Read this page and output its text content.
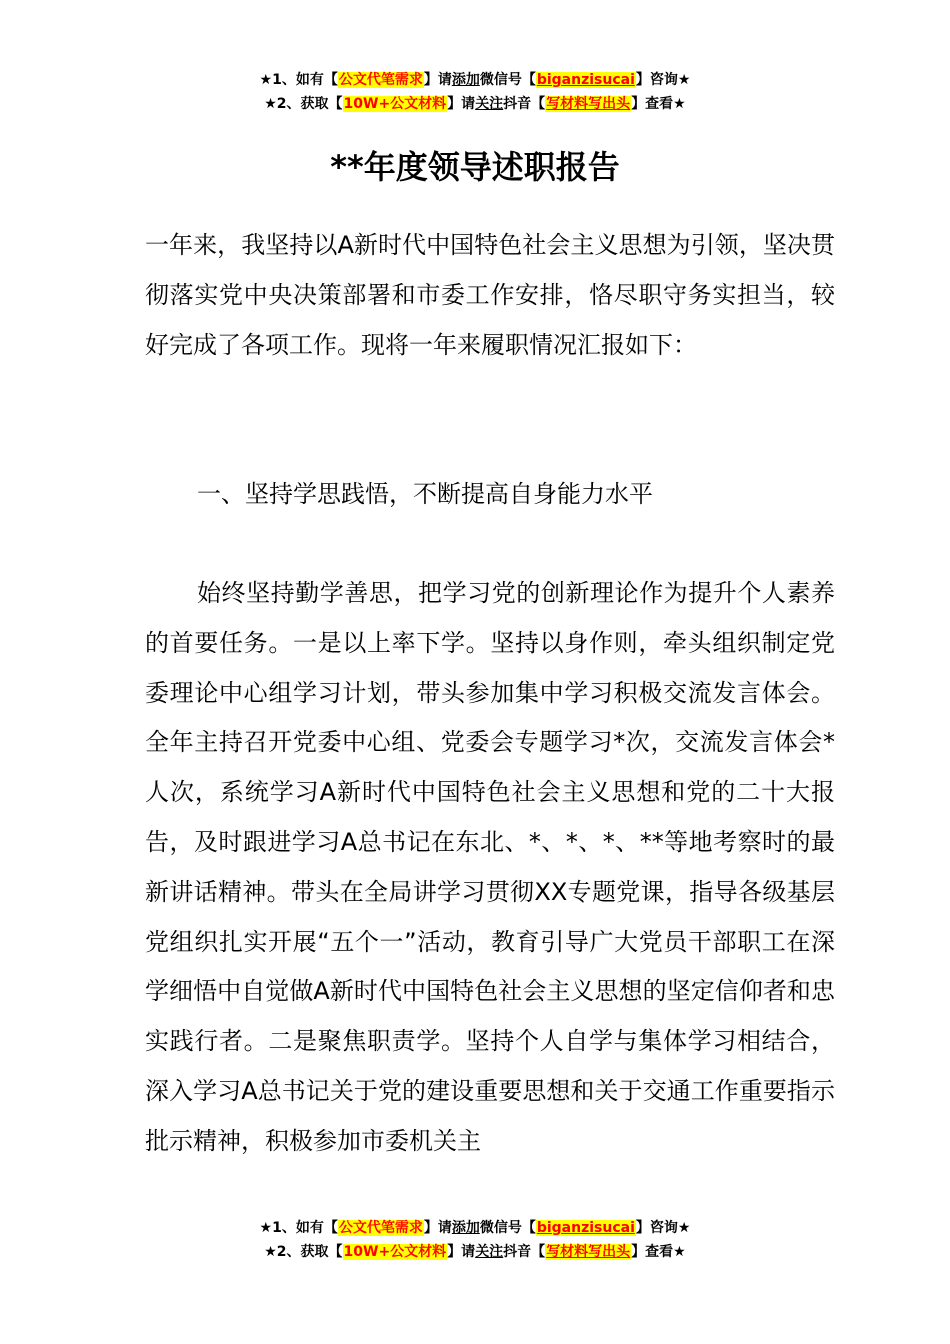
★1、如有【公文代笔需求】请添加微信号【biganzisucai】咨询★
★2、获取【10W+公文材料】请关注抖音【写材料写出头】查看★
**年度领导述职报告

一年来，我坚持以A新时代中国特色社会主义思想为引领，坚决贯彻落实党中央决策部署和市委工作安排，恪尽职守务实担当，较好完成了各项工作。现将一年来履职情况汇报如下：

一、坚持学思践悟，不断提高自身能力水平

始终坚持勤学善思，把学习党的创新理论作为提升个人素养的首要任务。一是以上率下学。坚持以身作则，牵头组织制定党委理论中心组学习计划，带头参加集中学习积极交流发言体会。全年主持召开党委中心组、党委会专题学习*次，交流发言体会*人次，系统学习A新时代中国特色社会主义思想和党的二十大报告，及时跟进学习A总书记在东北、*、*、*、**等地考察时的最新讲话精神。带头在全局讲学习贯彻XX专题党课，指导各级基层党组织扎实开展“五个一”活动，教育引导广大党员干部职工在深学细悟中自觉做A新时代中国特色社会主义思想的坚定信仰者和忠实践行者。二是聚焦职责学。坚持个人自学与集体学习相结合，深入学习A总书记关于党的建设重要思想和关于交通工作重要指示批示精神，积极参加市委机关主

★1、如有【公文代笔需求】请添加微信号【biganzisucai】咨询★
★2、获取【10W+公文材料】请关注抖音【写材料写出头】查看★
